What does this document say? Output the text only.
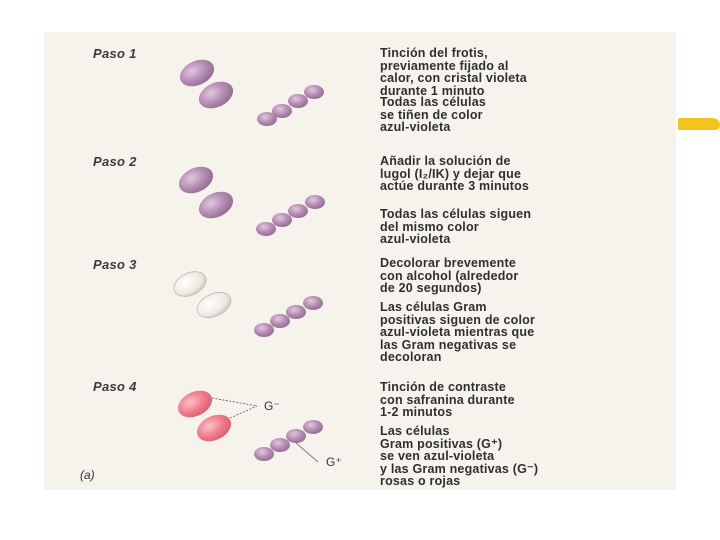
Paso 1
Paso 2
Paso 3
Paso 4
Tinción del frotis,
previamente fijado al
calor, con cristal violeta
durante 1 minuto
Todas las células
se tiñen de color
azul-violeta
Añadir la solución de
lugol (I₂/IK) y dejar que
actúe durante 3 minutos
Todas las células siguen
del mismo color
azul-violeta
Decolorar brevemente
con alcohol (alrededor
de 20 segundos)
Las células Gram
positivas siguen de color
azul-violeta mientras que
las Gram negativas se
decoloran
Tinción de contraste
con safranina durante
1-2 minutos
Las células
Gram positivas (G⁺)
se ven azul-violeta
y las Gram negativas (G⁻)
rosas o rojas
G⁻
G⁺
(a)
